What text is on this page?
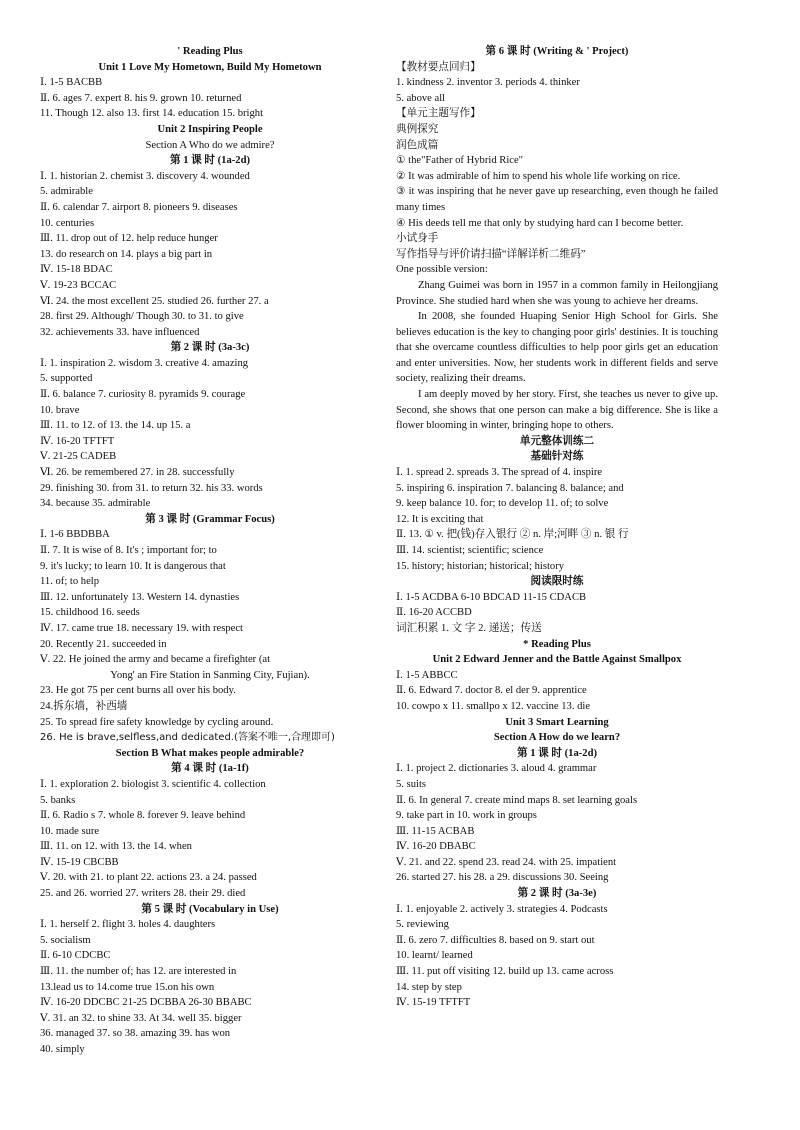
' Reading Plus
Unit 1 Love My Hometown, Build My Hometown
Ⅰ. 1-5 BACBB
Ⅱ. 6. ages 7. expert 8. his 9. grown 10. returned
11. Though 12. also 13. first 14. education 15. bright
Unit 2 Inspiring People
Section A Who do we admire?
第 1 课 时 (1a-2d)
Ⅰ. 1. historian 2. chemist 3. discovery 4. wounded
5. admirable
Ⅱ. 6. calendar 7. airport 8. pioneers 9. diseases
10. centuries
Ⅲ. 11. drop out of 12. help reduce hunger
13. do research on 14. plays a big part in
Ⅳ. 15-18 BDAC
Ⅴ. 19-23 BCCAC
Ⅵ. 24. the most excellent 25. studied 26. further 27. a
28. first 29. Although/ Though 30. to 31. to give
32. achievements 33. have influenced
第 2 课 时 (3a-3c)
Ⅰ. 1. inspiration 2. wisdom 3. creative 4. amazing
5. supported
Ⅱ. 6. balance 7. curiosity 8. pyramids 9. courage
10. brave
Ⅲ. 11. to 12. of 13. the 14. up 15. a
Ⅳ. 16-20 TFTFT
Ⅴ. 21-25 CADEB
Ⅵ. 26. be remembered 27. in 28. successfully
29. finishing 30. from 31. to return 32. his 33. words
34. because 35. admirable
第 3 课 时 (Grammar Focus)
Ⅰ. 1-6 BBDBBA
Ⅱ. 7. It is wise of 8. It's ; important for; to
9. it's lucky; to learn 10. It is dangerous that
11. of; to help
Ⅲ. 12. unfortunately 13. Western 14. dynasties
15. childhood 16. seeds
Ⅳ. 17. came true 18. necessary 19. with respect
20. Recently 21. succeeded in
Ⅴ. 22. He joined the army and became a firefighter (at
Yong' an Fire Station in Sanming City, Fujian).
23. He got 75 per cent burns all over his body.
24.拆东墙，补西墙
25. To spread fire safety knowledge by cycling around.
26. He is brave,selfless,and dedicated.(答案不唯一,合理即可)
Section B What makes people admirable?
第 4 课 时 (1a-1f)
Ⅰ. 1. exploration 2. biologist 3. scientific 4. collection
5. banks
Ⅱ. 6. Radio s 7. whole 8. forever 9. leave behind
10. made sure
Ⅲ. 11. on 12. with 13. the 14. when
Ⅳ. 15-19 CBCBB
Ⅴ. 20. with 21. to plant 22. actions 23. a 24. passed
25. and 26. worried 27. writers 28. their 29. died
第 5 课 时 (Vocabulary in Use)
Ⅰ. 1. herself 2. flight 3. holes 4. daughters
5. socialism
Ⅱ. 6-10 CDCBC
Ⅲ. 11. the number of; has 12. are interested in
13.lead us to 14.come true 15.on his own
Ⅳ. 16-20 DDCBC 21-25 DCBBA 26-30 BBABC
Ⅴ. 31. an 32. to shine 33. At 34. well 35. bigger
36. managed 37. so 38. amazing 39. has won
40. simply
第 6 课 时 (Writing & ' Project)
【教材要点回归】
1. kindness 2. inventor 3. periods 4. thinker
5. above all
【单元主题写作】
典例探究
润色成篇
① the"Father of Hybrid Rice"
② It was admirable of him to spend his whole life working on rice.
③ it was inspiring that he never gave up researching, even though he failed many times
④ His deeds tell me that only by studying hard can I become better.
小试身手
写作指导与评价请扫描“详解详析二维码”
One possible version:
Zhang Guimei was born in 1957 in a common family in Heilongjiang Province. She studied hard when she was young to achieve her dreams.
In 2008, she founded Huaping Senior High School for Girls. She believes education is the key to changing poor girls' destinies. It is touching that she overcame countless difficulties to help poor girls get an education and enter universities. Now, her students work in different fields and serve society, realizing their dreams.
I am deeply moved by her story. First, she teaches us never to give up. Second, she shows that one person can make a big difference. She is like a flower blooming in winter, bringing hope to others.
单元整体训练二
基础针对练
Ⅰ. 1. spread 2. spreads 3. The spread of 4. inspire
5. inspiring 6. inspiration 7. balancing 8. balance; and
9. keep balance 10. for; to develop 11. of; to solve
12. It is exciting that
Ⅱ. 13. ① v. 把(钱)存入银行 ② n. 岸;河畔 ③ n. 银 行
Ⅲ. 14. scientist; scientific; science
15. history; historian; historical; history
阅读限时练
Ⅰ. 1-5 ACDBA 6-10 BDCAD 11-15 CDACB
Ⅱ. 16-20 ACCBD
词汇积累 1. 文 字 2. 递送；传送
* Reading Plus
Unit 2 Edward Jenner and the Battle Against Smallpox
Ⅰ. 1-5 ABBCC
Ⅱ. 6. Edward 7. doctor 8. el der 9. apprentice
10. cowpo x 11. smallpo x 12. vaccine 13. die
Unit 3 Smart Learning
Section A How do we learn?
第 1 课 时 (1a-2d)
Ⅰ. 1. project 2. dictionaries 3. aloud 4. grammar
5. suits
Ⅱ. 6. In general 7. create mind maps 8. set learning goals
9. take part in 10. work in groups
Ⅲ. 11-15 ACBAB
Ⅳ. 16-20 DBABC
Ⅴ. 21. and 22. spend 23. read 24. with 25. impatient
26. started 27. his 28. a 29. discussions 30. Seeing
第 2 课 时 (3a-3e)
Ⅰ. 1. enjoyable 2. actively 3. strategies 4. Podcasts
5. reviewing
Ⅱ. 6. zero 7. difficulties 8. based on 9. start out
10. learnt/ learned
Ⅲ. 11. put off visiting 12. build up 13. came across
14. step by step
Ⅳ. 15-19 TFTFT
